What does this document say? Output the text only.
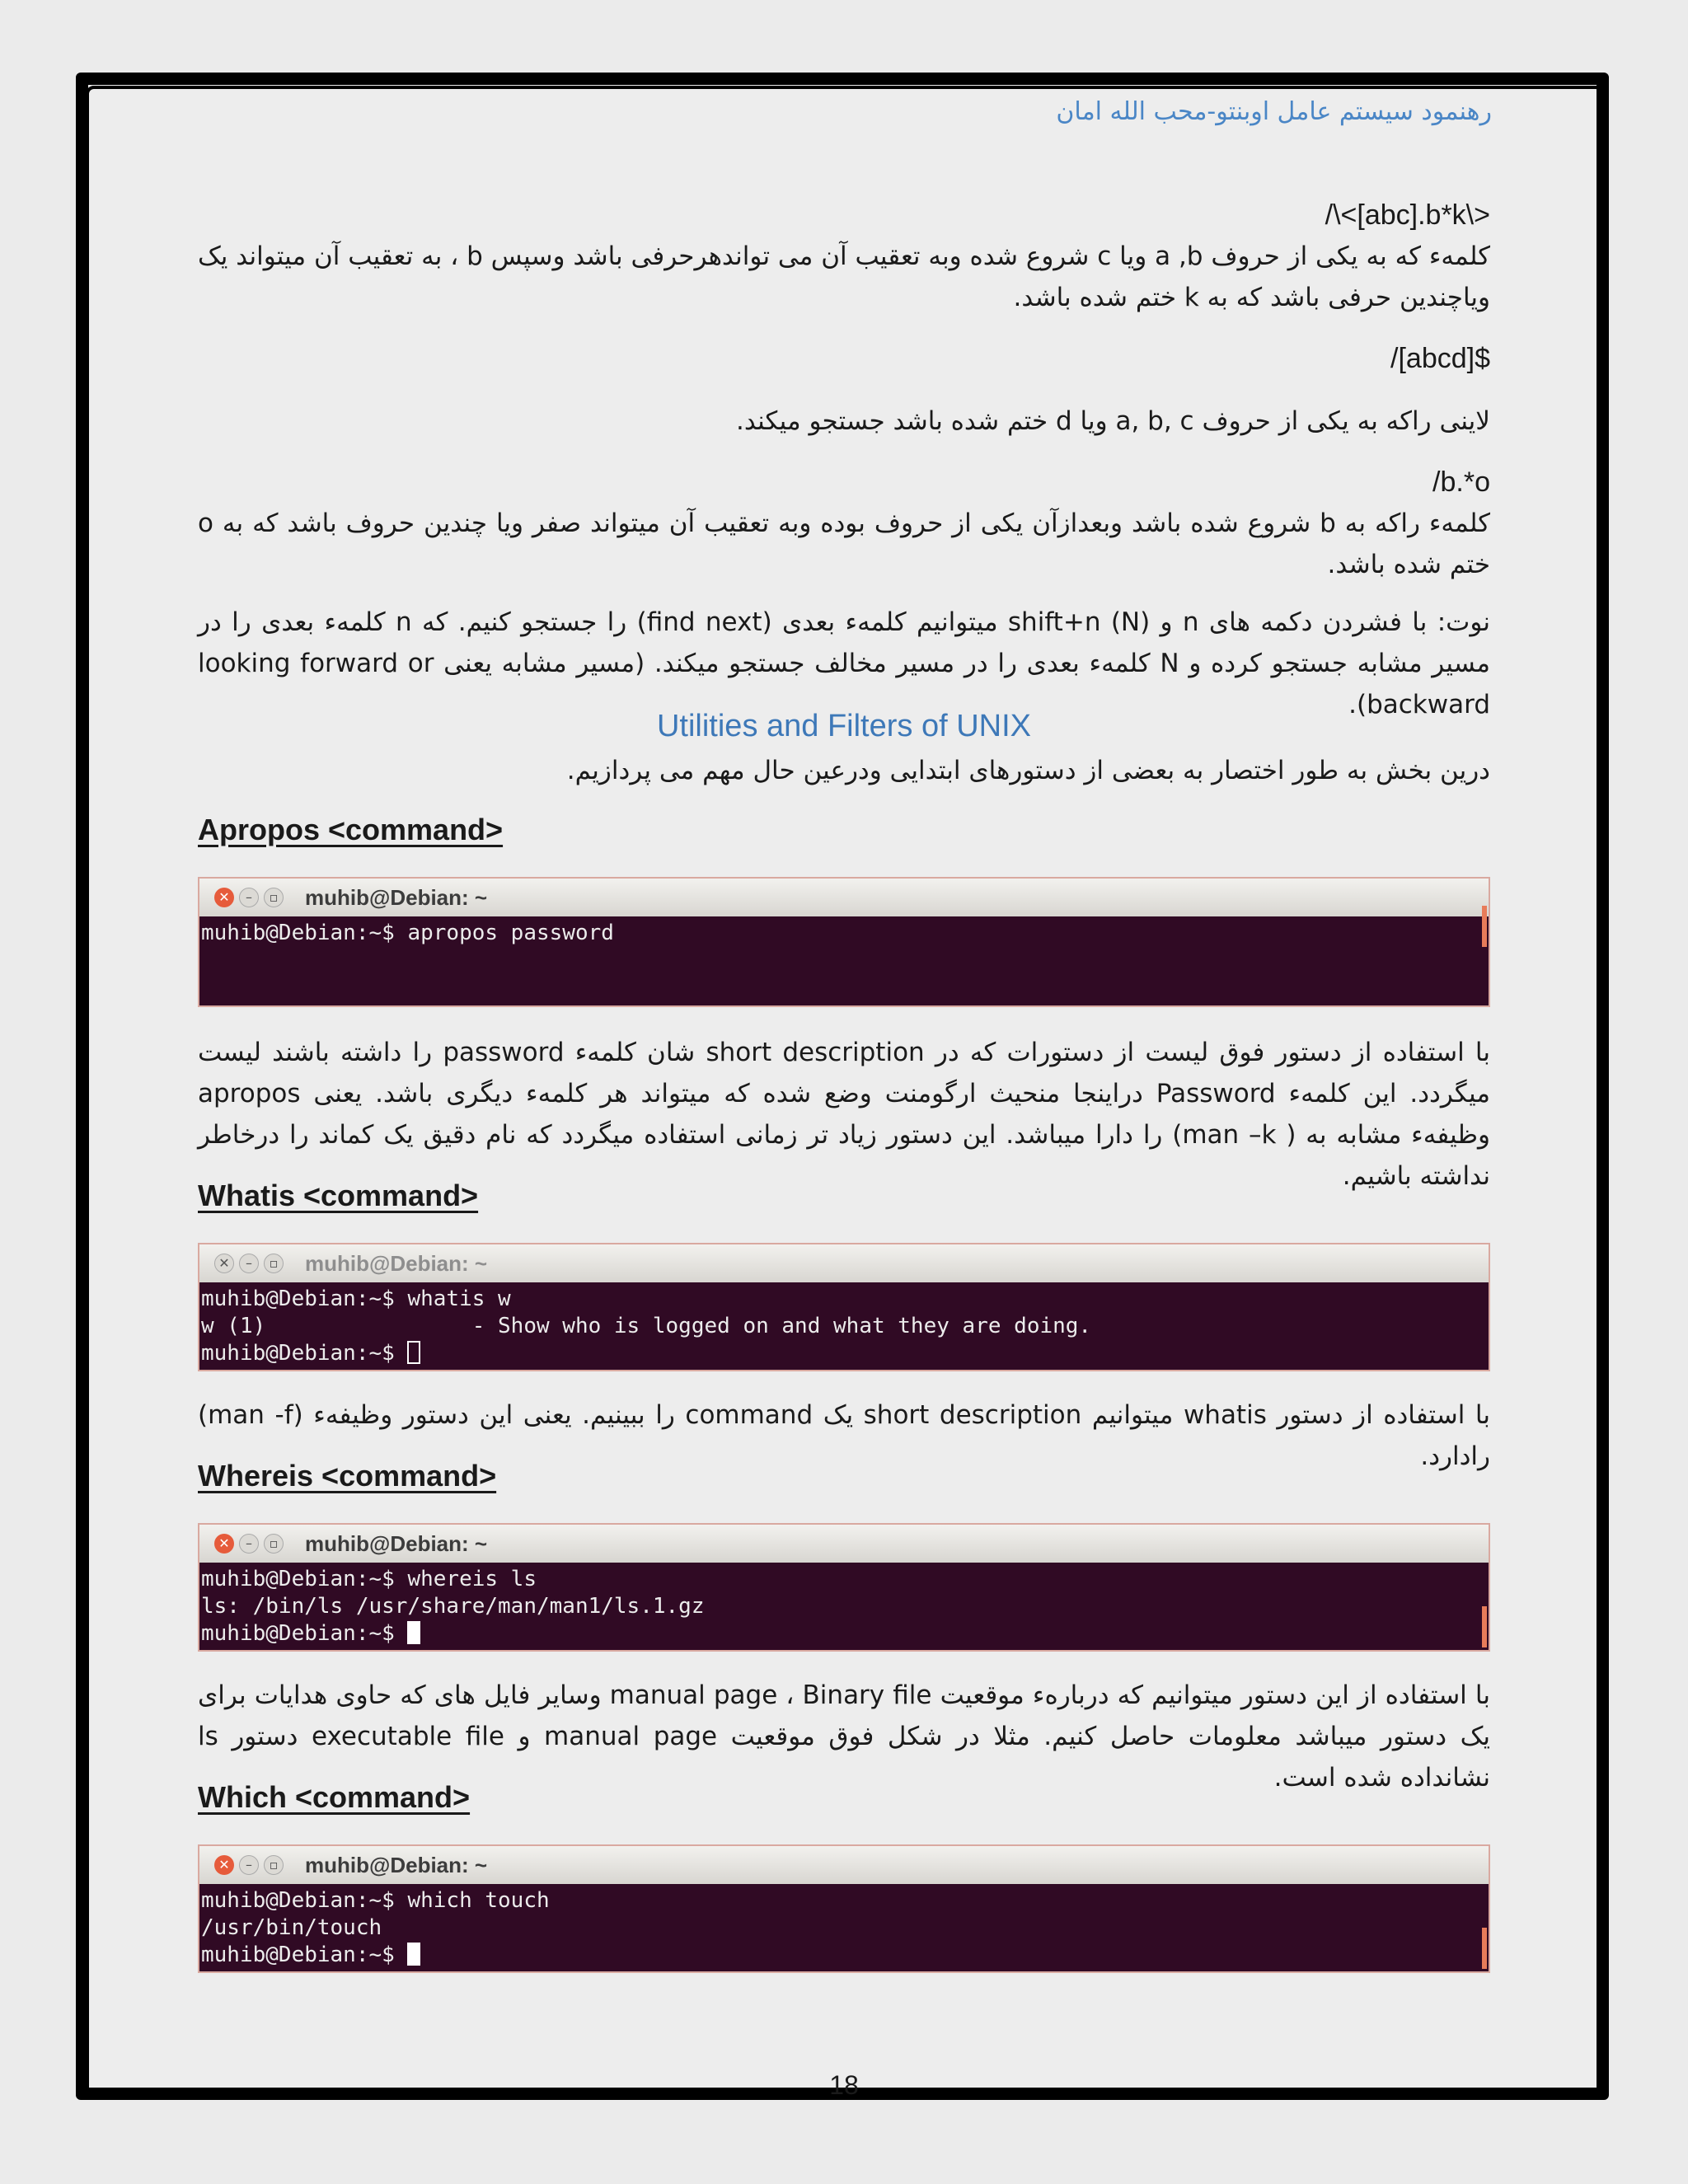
رهنمود سیستم عامل اوبنتو-محب الله امان

/\<[abc].b*k\>

کلمهء که به یکی از حروف a ,b ویا c شروع شده وبه تعقیب آن می تواندهرحرفی باشد وسپس b ، به تعقیب آن میتواند یک ویاچندین حرفی باشد که به k ختم شده باشد.

/[abcd]$

لاینی راکه به یکی از حروف a, b, c ویا d ختم شده باشد جستجو میکند.

/b.*o

کلمهء راکه به b شروع شده باشد وبعدازآن یکی از حروف بوده وبه تعقیب آن میتواند صفر ویا چندین حروف باشد که به o ختم شده باشد.

نوت: با فشردن دکمه های n و shift+n (N) میتوانیم کلمهء بعدی (find next) را جستجو کنیم. که n کلمهء بعدی را در مسیر مشابه جستجو کرده و N کلمهء بعدی را در مسیر مخالف جستجو میکند. (مسیر مشابه یعنی looking forward or backward).

Utilities and Filters of UNIX

درین بخش به طور اختصار به بعضی از دستورهای ابتدایی ودرعین حال مهم می پردازیم.

Apropos <command>
✕	–	▫ muhib@Debian: ~
muhib@Debian:~$ apropos password

با استفاده از دستور فوق لیست از دستورات که در short description شان کلمهء password را داشته باشند لیست میگردد. این کلمهء Password دراینجا منحیث ارگومنت وضع شده که میتواند هر کلمهء دیگری باشد. یعنی apropos وظیفهء مشابه به ( man –k) را دارا میباشد. این دستور زیاد تر زمانی استفاده میگردد که نام دقیق یک کماند را درخاطر نداشته باشیم.

Whatis <command>
✕	–	▫ muhib@Debian: ~
muhib@Debian:~$ whatis w
w (1)                - Show who is logged on and what they are doing.
muhib@Debian:~$

با استفاده از دستور whatis میتوانیم short description یک command را ببینیم. یعنی این دستور وظیفهء (man -f) رادارد.

Whereis <command>
✕	–	▫ muhib@Debian: ~
muhib@Debian:~$ whereis ls
ls: /bin/ls /usr/share/man/man1/ls.1.gz
muhib@Debian:~$

با استفاده از این دستور میتوانیم که دربارهء موقعیت manual page ، Binary file وسایر فایل های که حاوی هدایات برای یک دستور میباشد معلومات حاصل کنیم. مثلا در شکل فوق موقعیت manual page و executable file دستور ls نشانداده شده است.

Which <command>
✕	–	▫ muhib@Debian: ~
muhib@Debian:~$ which touch
/usr/bin/touch
muhib@Debian:~$
18
